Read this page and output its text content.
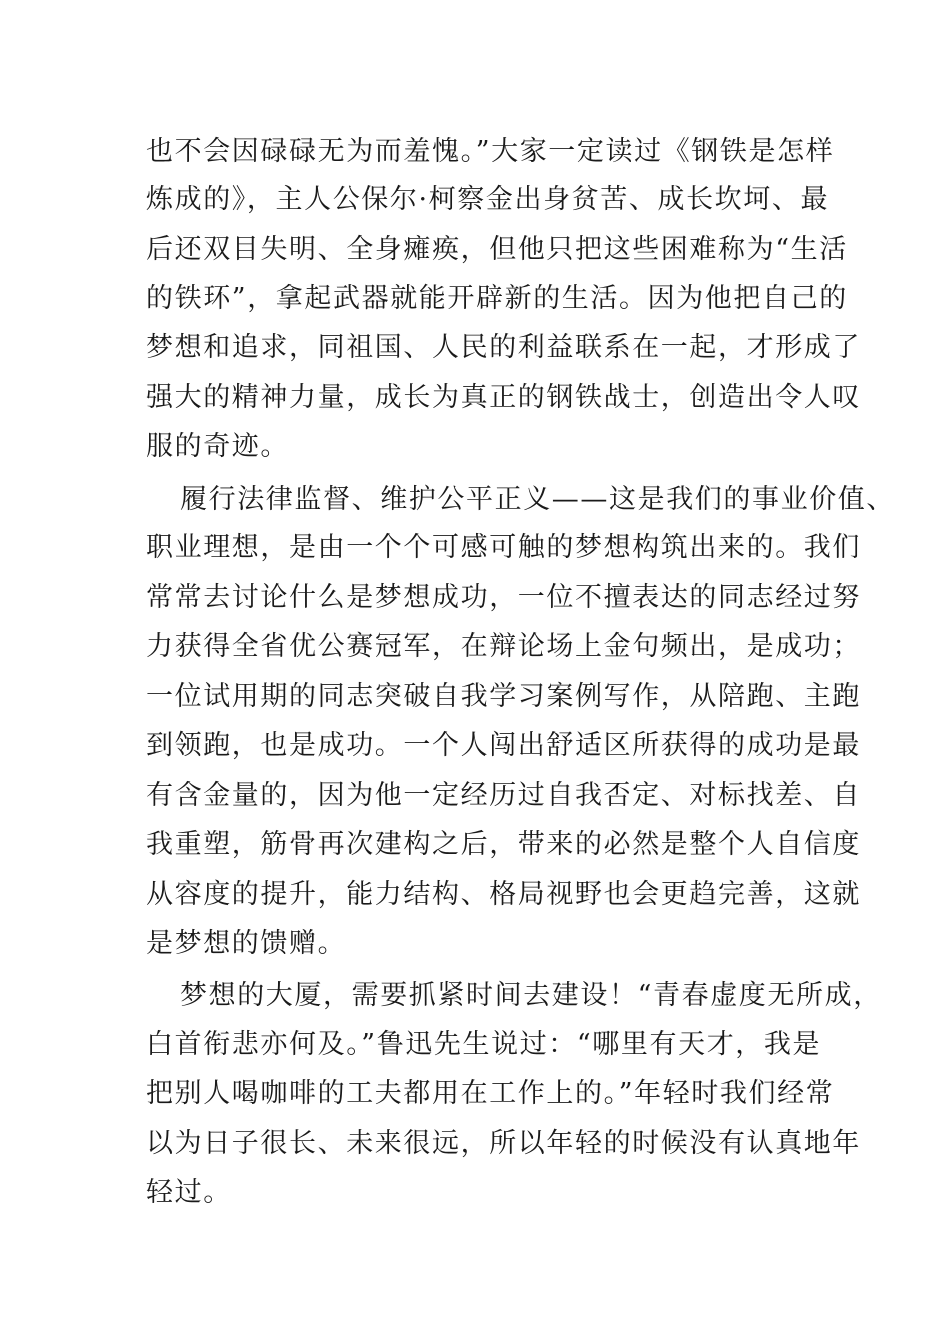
也不会因碌碌无为而羞愧。”大家一定读过《钢铁是怎样
炼成的》，主人公保尔·柯察金出身贫苦、成长坎坷、最
后还双目失明、全身瘫痪，但他只把这些困难称为“生活
的铁环”，拿起武器就能开辟新的生活。因为他把自己的
梦想和追求，同祖国、人民的利益联系在一起，才形成了
强大的精神力量，成长为真正的钢铁战士，创造出令人叹
服的奇迹。
履行法律监督、维护公平正义——这是我们的事业价值、
职业理想，是由一个个可感可触的梦想构筑出来的。我们
常常去讨论什么是梦想成功，一位不擅表达的同志经过努
力获得全省优公赛冠军，在辩论场上金句频出，是成功；
一位试用期的同志突破自我学习案例写作，从陪跑、主跑
到领跑，也是成功。一个人闯出舒适区所获得的成功是最
有含金量的，因为他一定经历过自我否定、对标找差、自
我重塑，筋骨再次建构之后，带来的必然是整个人自信度
从容度的提升，能力结构、格局视野也会更趋完善，这就
是梦想的馈赠。
梦想的大厦，需要抓紧时间去建设！“青春虚度无所成，
白首衔悲亦何及。”鲁迅先生说过：“哪里有天才，我是
把别人喝咖啡的工夫都用在工作上的。”年轻时我们经常
以为日子很长、未来很远，所以年轻的时候没有认真地年
轻过。
